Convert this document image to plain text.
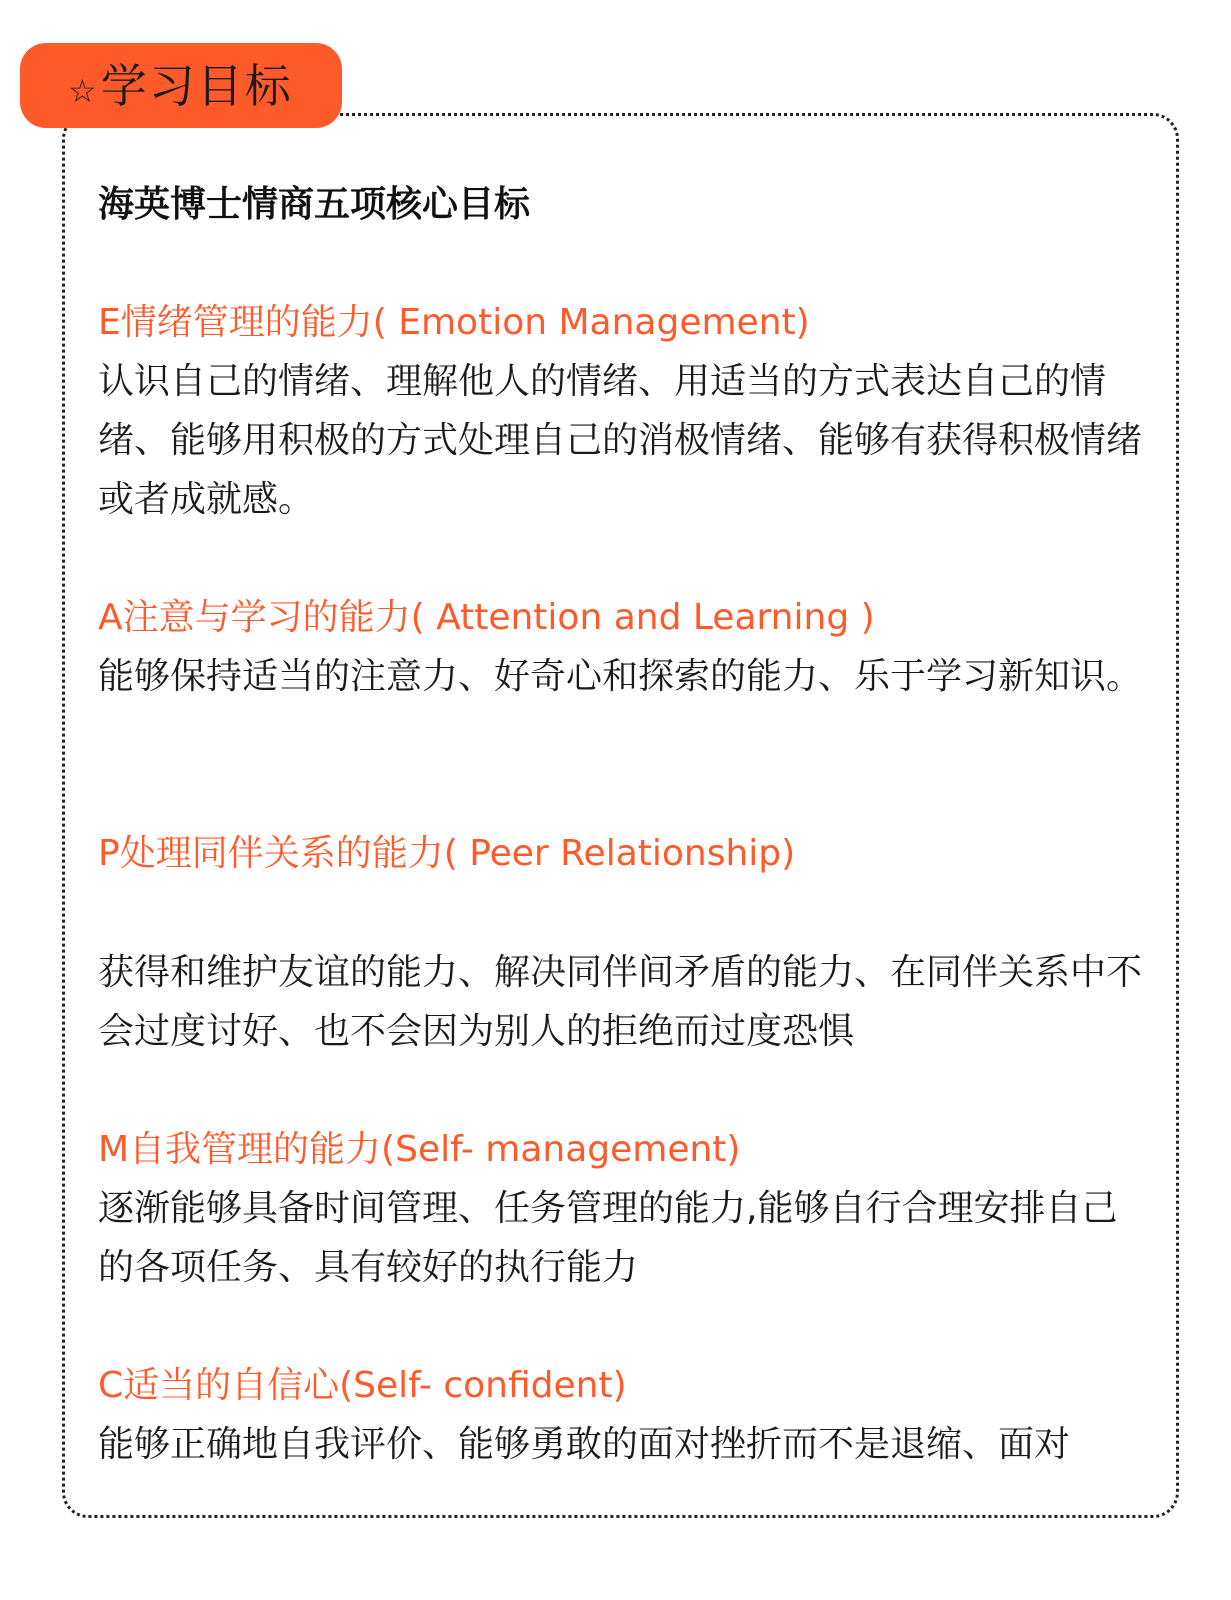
☆ 学习目标
海英博士情商五项核心目标
E情绪管理的能力( Emotion Management)

认识自己的情绪、理解他人的情绪、用适当的方式表达自己的情绪、能够用积极的方式处理自己的消极情绪、能够有获得积极情绪或者成就感。

A注意与学习的能力( Attention and Learning )

能够保持适当的注意力、好奇心和探索的能力、乐于学习新知识。

P处理同伴关系的能力( Peer Relationship)

获得和维护友谊的能力、解决同伴间矛盾的能力、在同伴关系中不会过度讨好、也不会因为别人的拒绝而过度恐惧

M自我管理的能力(Self- management)

逐渐能够具备时间管理、任务管理的能力,能够自行合理安排自己的各项任务、具有较好的执行能力

C适当的自信心(Self- confident)

能够正确地自我评价、能够勇敢的面对挫折而不是退缩、面对
